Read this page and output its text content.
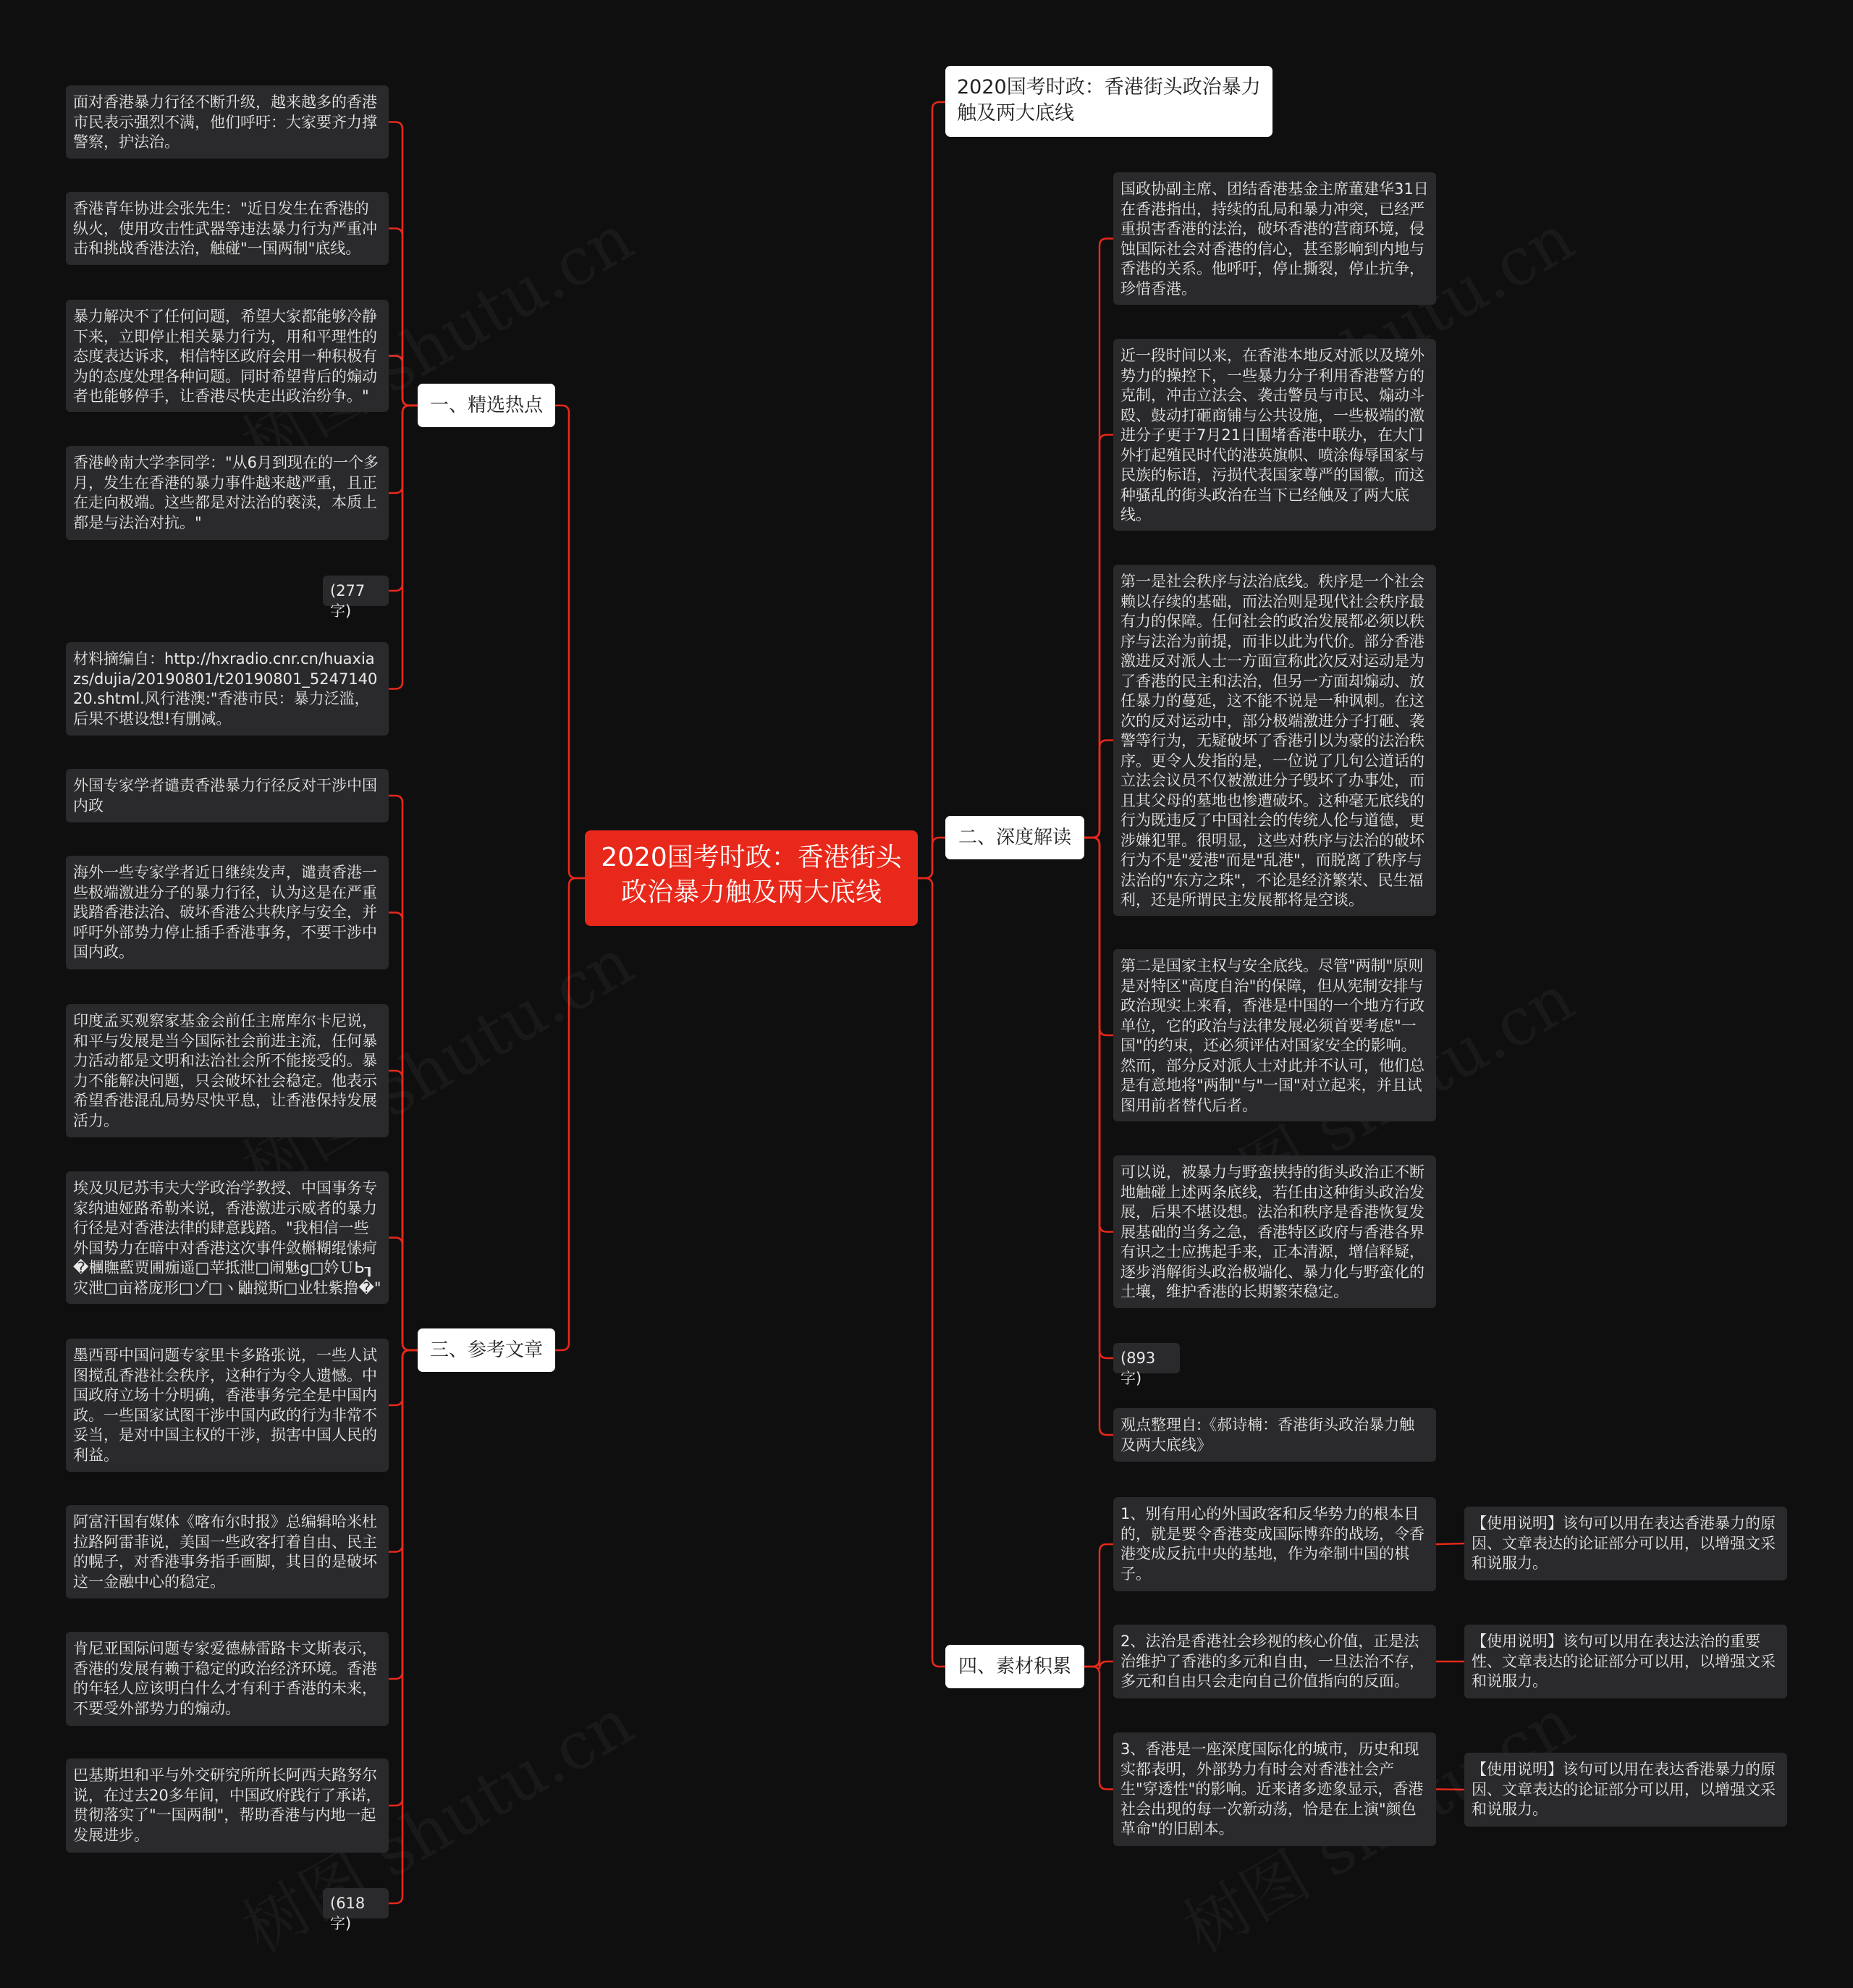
2020国考时政：香港街头政治暴力触及两大底线
2020国考时政：香港街头政治暴力触及两大底线
一、精选热点
二、深度解读
三、参考文章
四、素材积累
面对香港暴力行径不断升级，越来越多的香港市民表示强烈不满，他们呼吁：大家要齐力撑警察，护法治。
香港青年协进会张先生："近日发生在香港的纵火，使用攻击性武器等违法暴力行为严重冲击和挑战香港法治，触碰"一国两制"底线。
暴力解决不了任何问题，希望大家都能够冷静下来，立即停止相关暴力行为，用和平理性的态度表达诉求，相信特区政府会用一种积极有为的态度处理各种问题。同时希望背后的煽动者也能够停手，让香港尽快走出政治纷争。"
香港岭南大学李同学："从6月到现在的一个多月，发生在香港的暴力事件越来越严重，且正在走向极端。这些都是对法治的亵渎，本质上都是与法治对抗。"
(277字)
材料摘编自：http://hxradio.cnr.cn/huaxiazs/dujia/20190801/t20190801_524714020.shtml.风行港澳:"香港市民：暴力泛滥，后果不堪设想!有删减。
外国专家学者谴责香港暴力行径反对干涉中国内政
海外一些专家学者近日继续发声，谴责香港一些极端激进分子的暴力行径，认为这是在严重践踏香港法治、破坏香港公共秩序与安全，并呼吁外部势力停止插手香港事务，不要干涉中国内政。
印度孟买观察家基金会前任主席库尔卡尼说，和平与发展是当今国际社会前进主流，任何暴力活动都是文明和法治社会所不能接受的。暴力不能解决问题，只会破坏社会稳定。他表示希望香港混乱局势尽快平息，让香港保持发展活力。
埃及贝尼苏韦夫大学政治学教授、中国事务专家纳迪娅路希勒米说，香港激进示威者的暴力行径是对香港法律的肆意践踏。"我相信一些外国势力在暗中对香港这次事件敛槲糊绲愫疴�檲瞴藍贾圃痂遥□苹抵泄□闹魅g□妗ＵЬ┒灾泄□亩褡庞形□ゾ□ヽ鼬搅斯□业牡紫撸�"
墨西哥中国问题专家里卡多路张说，一些人试图搅乱香港社会秩序，这种行为令人遗憾。中国政府立场十分明确，香港事务完全是中国内政。一些国家试图干涉中国内政的行为非常不妥当，是对中国主权的干涉，损害中国人民的利益。
阿富汗国有媒体《喀布尔时报》总编辑哈米杜拉路阿雷菲说，美国一些政客打着自由、民主的幌子，对香港事务指手画脚，其目的是破坏这一金融中心的稳定。
肯尼亚国际问题专家爱德赫雷路卡文斯表示，香港的发展有赖于稳定的政治经济环境。香港的年轻人应该明白什么才有利于香港的未来，不要受外部势力的煽动。
巴基斯坦和平与外交研究所所长阿西夫路努尔说，在过去20多年间，中国政府践行了承诺，贯彻落实了"一国两制"，帮助香港与内地一起发展进步。
(618字)
国政协副主席、团结香港基金主席董建华31日在香港指出，持续的乱局和暴力冲突，已经严重损害香港的法治，破坏香港的营商环境，侵蚀国际社会对香港的信心，甚至影响到内地与香港的关系。他呼吁，停止撕裂，停止抗争，珍惜香港。
近一段时间以来，在香港本地反对派以及境外势力的操控下，一些暴力分子利用香港警方的克制，冲击立法会、袭击警员与市民、煽动斗殴、鼓动打砸商铺与公共设施，一些极端的激进分子更于7月21日围堵香港中联办，在大门外打起殖民时代的港英旗帜、喷涂侮辱国家与民族的标语，污损代表国家尊严的国徽。而这种骚乱的街头政治在当下已经触及了两大底线。
第一是社会秩序与法治底线。秩序是一个社会赖以存续的基础，而法治则是现代社会秩序最有力的保障。任何社会的政治发展都必须以秩序与法治为前提，而非以此为代价。部分香港激进反对派人士一方面宣称此次反对运动是为了香港的民主和法治，但另一方面却煽动、放任暴力的蔓延，这不能不说是一种讽刺。在这次的反对运动中，部分极端激进分子打砸、袭警等行为，无疑破坏了香港引以为豪的法治秩序。更令人发指的是，一位说了几句公道话的立法会议员不仅被激进分子毁坏了办事处，而且其父母的墓地也惨遭破坏。这种毫无底线的行为既违反了中国社会的传统人伦与道德，更涉嫌犯罪。很明显，这些对秩序与法治的破坏行为不是"爱港"而是"乱港"，而脱离了秩序与法治的"东方之珠"，不论是经济繁荣、民生福利，还是所谓民主发展都将是空谈。
第二是国家主权与安全底线。尽管"两制"原则是对特区"高度自治"的保障，但从宪制安排与政治现实上来看，香港是中国的一个地方行政单位，它的政治与法律发展必须首要考虑"一国"的约束，还必须评估对国家安全的影响。然而，部分反对派人士对此并不认可，他们总是有意地将"两制"与"一国"对立起来，并且试图用前者替代后者。
可以说，被暴力与野蛮挟持的街头政治正不断地触碰上述两条底线，若任由这种街头政治发展，后果不堪设想。法治和秩序是香港恢复发展基础的当务之急，香港特区政府与香港各界有识之士应携起手来，正本清源，增信释疑，逐步消解街头政治极端化、暴力化与野蛮化的土壤，维护香港的长期繁荣稳定。
(893字)
观点整理自:《郝诗楠：香港街头政治暴力触及两大底线》
1、别有用心的外国政客和反华势力的根本目的，就是要令香港变成国际博弈的战场，令香港变成反抗中央的基地，作为牵制中国的棋子。
2、法治是香港社会珍视的核心价值，正是法治维护了香港的多元和自由，一旦法治不存，多元和自由只会走向自己价值指向的反面。
3、香港是一座深度国际化的城市，历史和现实都表明，外部势力有时会对香港社会产生"穿透性"的影响。近来诸多迹象显示，香港社会出现的每一次新动荡，恰是在上演"颜色革命"的旧剧本。
【使用说明】该句可以用在表达香港暴力的原因、文章表达的论证部分可以用，以增强文采和说服力。
【使用说明】该句可以用在表达法治的重要性、文章表达的论证部分可以用，以增强文采和说服力。
【使用说明】该句可以用在表达香港暴力的原因、文章表达的论证部分可以用，以增强文采和说服力。
